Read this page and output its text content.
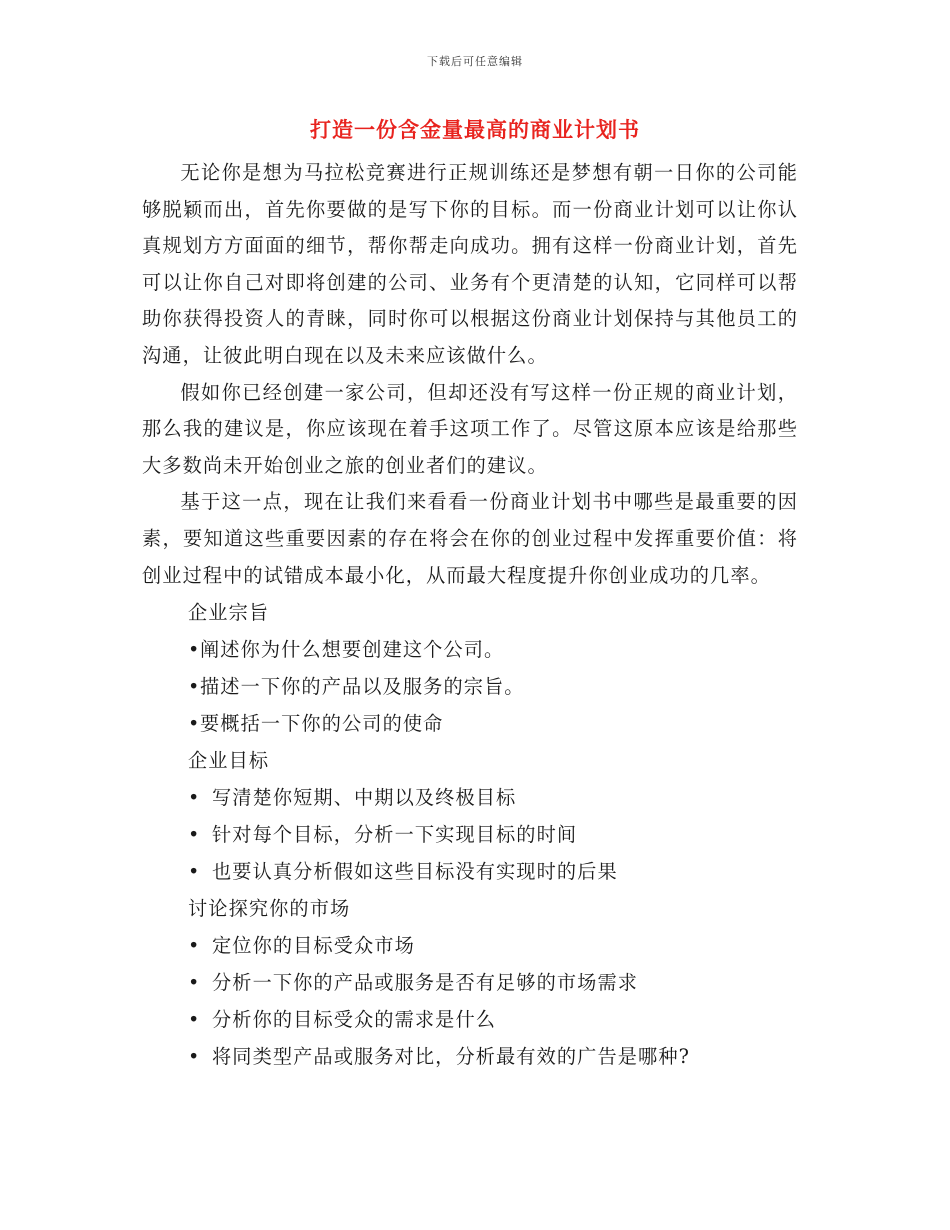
下载后可任意编辑
打造一份含金量最高的商业计划书

无论你是想为马拉松竞赛进行正规训练还是梦想有朝一日你的公司能够脱颖而出，首先你要做的是写下你的目标。而一份商业计划可以让你认真规划方方面面的细节，帮你帮走向成功。拥有这样一份商业计划，首先可以让你自己对即将创建的公司、业务有个更清楚的认知，它同样可以帮助你获得投资人的青睐，同时你可以根据这份商业计划保持与其他员工的沟通，让彼此明白现在以及未来应该做什么。

假如你已经创建一家公司，但却还没有写这样一份正规的商业计划，那么我的建议是，你应该现在着手这项工作了。尽管这原本应该是给那些大多数尚未开始创业之旅的创业者们的建议。

基于这一点，现在让我们来看看一份商业计划书中哪些是最重要的因素，要知道这些重要因素的存在将会在你的创业过程中发挥重要价值：将创业过程中的试错成本最小化，从而最大程度提升你创业成功的几率。

企业宗旨

•阐述你为什么想要创建这个公司。
•描述一下你的产品以及服务的宗旨。
•要概括一下你的公司的使命

企业目标

• 写清楚你短期、中期以及终极目标
• 针对每个目标，分析一下实现目标的时间
• 也要认真分析假如这些目标没有实现时的后果

讨论探究你的市场

• 定位你的目标受众市场
• 分析一下你的产品或服务是否有足够的市场需求
• 分析你的目标受众的需求是什么
• 将同类型产品或服务对比，分析最有效的广告是哪种?
